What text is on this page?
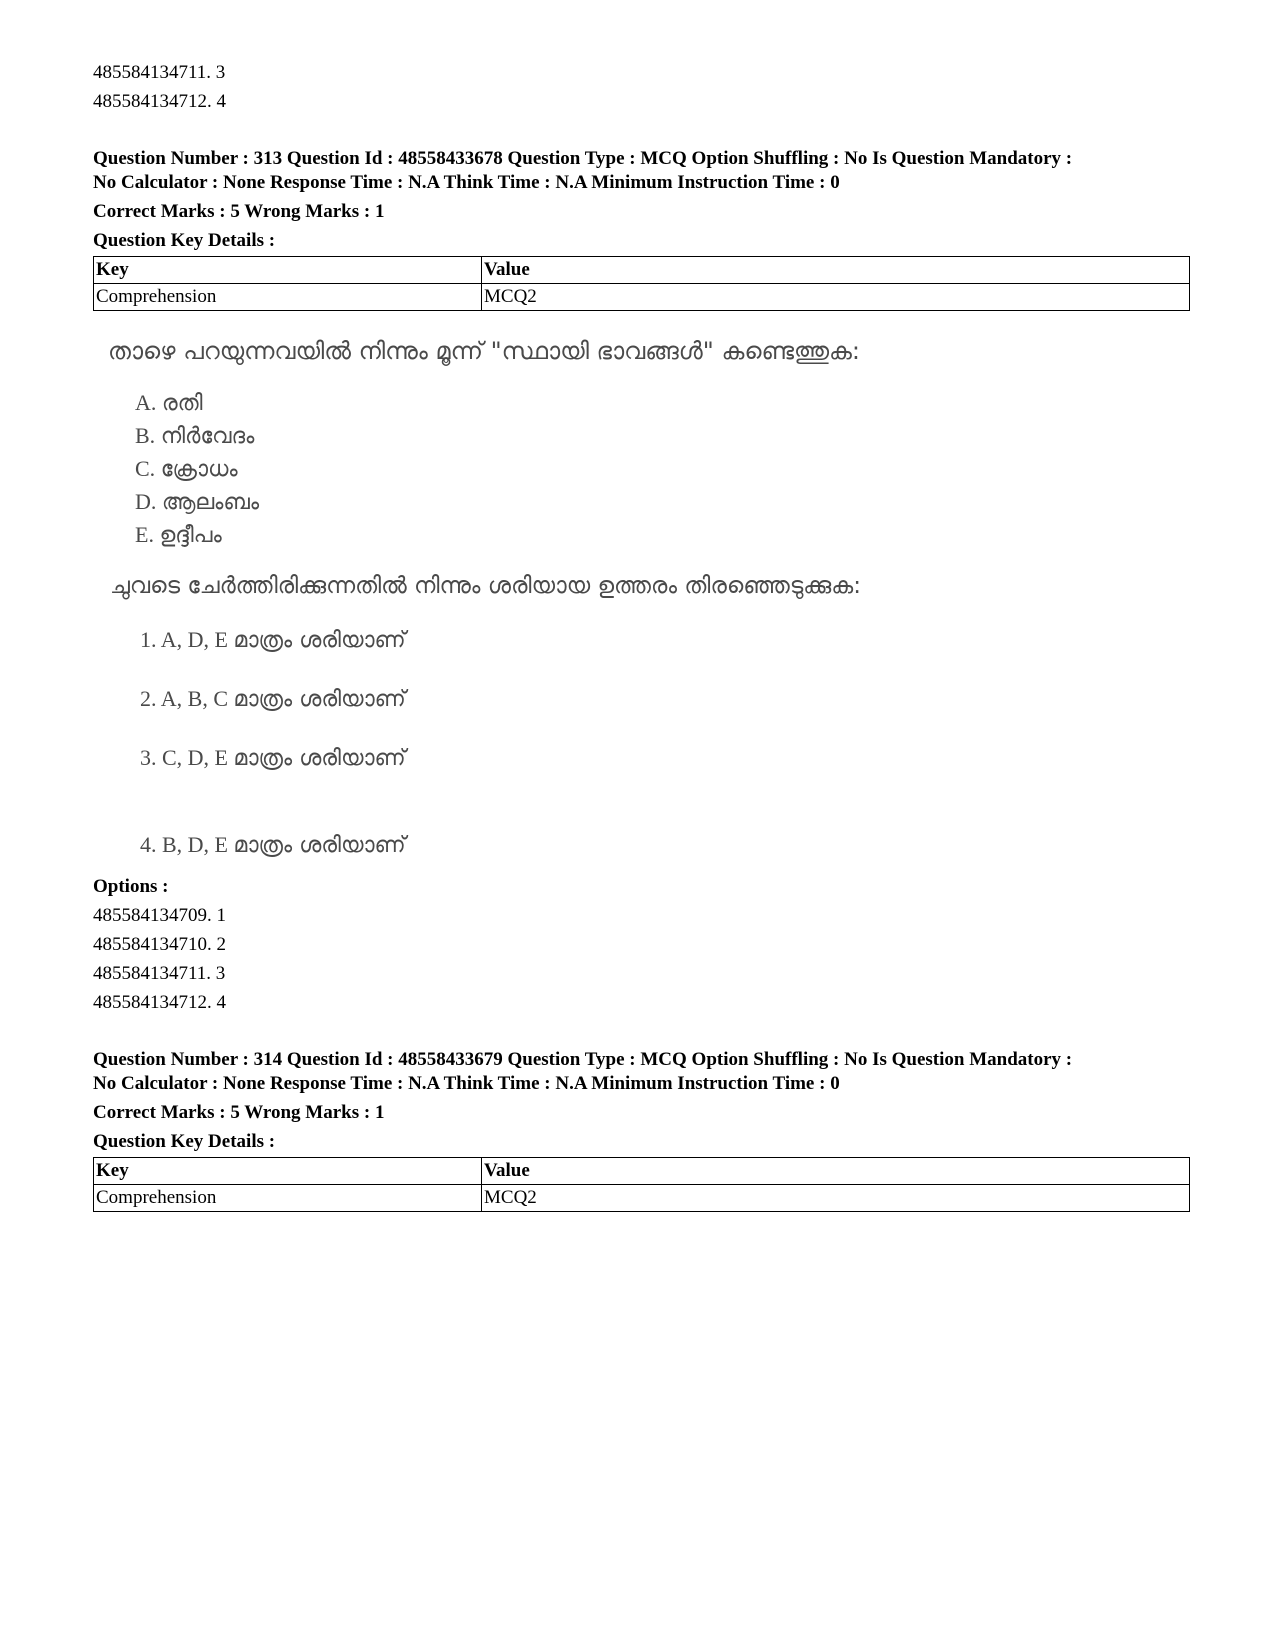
485584134711. 3
485584134712. 4
Question Number : 313 Question Id : 48558433678 Question Type : MCQ Option Shuffling : No Is Question Mandatory :
No Calculator : None Response Time : N.A Think Time : N.A Minimum Instruction Time : 0
Correct Marks : 5 Wrong Marks : 1
Question Key Details :
Key	Value
Comprehension	MCQ2
താഴെ പറയുന്നവയിൽ നിന്നും മൂന്ന് "സ്ഥായി ഭാവങ്ങൾ" കണ്ടെത്തുക:
A. രതി
B. നിർവേദം
C. ക്രോധം
D. ആലംബം
E. ഉദ്ദീപം
ചുവടെ ചേർത്തിരിക്കുന്നതിൽ നിന്നും ശരിയായ ഉത്തരം തിരഞ്ഞെടുക്കുക:
1. A, D, E മാത്രം ശരിയാണ്
2. A, B, C മാത്രം ശരിയാണ്
3. C, D, E മാത്രം ശരിയാണ്
4. B, D, E മാത്രം ശരിയാണ്
Options :
485584134709. 1
485584134710. 2
485584134711. 3
485584134712. 4
Question Number : 314 Question Id : 48558433679 Question Type : MCQ Option Shuffling : No Is Question Mandatory :
No Calculator : None Response Time : N.A Think Time : N.A Minimum Instruction Time : 0
Correct Marks : 5 Wrong Marks : 1
Question Key Details :
Key	Value
Comprehension	MCQ2
